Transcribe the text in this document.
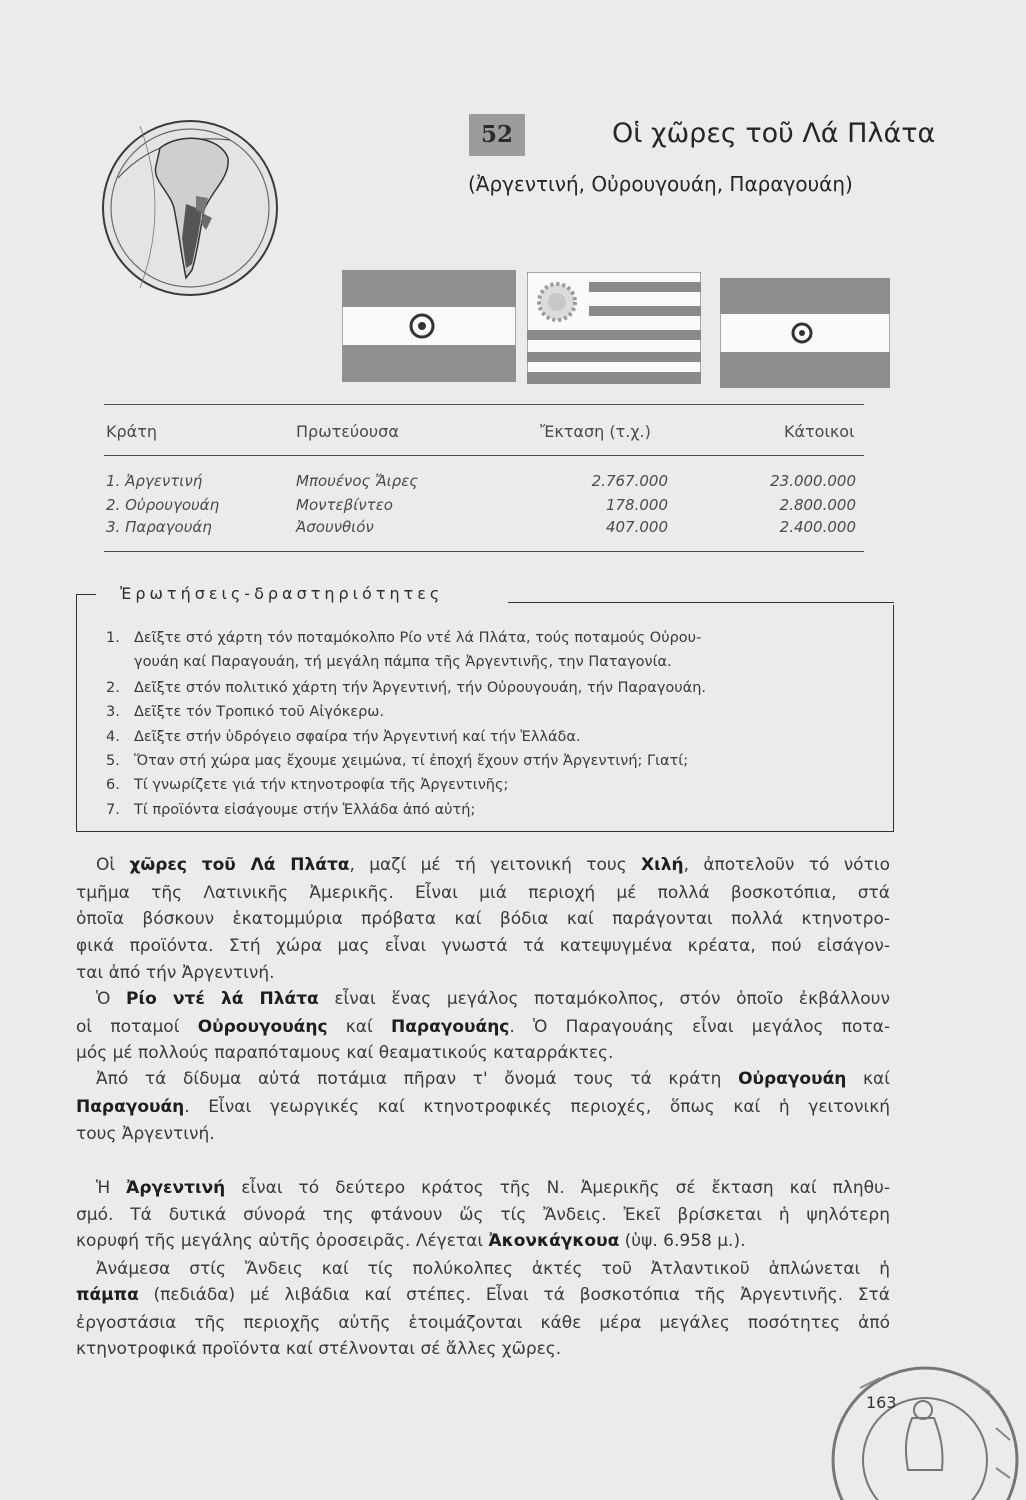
52	Οἱ χῶρες τοῦ Λά Πλάτα
(Ἀργεντινή, Οὐρουγουάη, Παραγουάη)
Κράτη	Πρωτεύουσα	Ἔκταση (τ.χ.)	Κάτοικοι
1. Ἀργεντινή	Μπουένος Ἄιρες	2.767.000	23.000.000
2. Οὐρουγουάη	Μοντεβίντεο	178.000	2.800.000
3. Παραγουάη	Ἀσουνθιόν	407.000	2.400.000
Ἐρωτήσεις-δραστηριότητες
1. Δεῖξτε στό χάρτη τόν ποταμόκολπο Ρίο ντέ λά Πλάτα, τούς ποταμούς Οὐρου-
γουάη καί Παραγουάη, τή μεγάλη πάμπα τῆς Ἀργεντινῆς, την Παταγονία.
2. Δεῖξτε στόν πολιτικό χάρτη τήν Ἀργεντινή, τήν Οὐρουγουάη, τήν Παραγουάη.
3. Δεῖξτε τόν Τροπικό τοῦ Αἰγόκερω.
4. Δεῖξτε στήν ὑδρόγειο σφαίρα τήν Ἀργεντινή καί τήν Ἑλλάδα.
5. Ὅταν στή χώρα μας ἔχουμε χειμώνα, τί ἐποχή ἔχουν στήν Ἀργεντινή; Γιατί;
6. Τί γνωρίζετε γιά τήν κτηνοτροφία τῆς Ἀργεντινῆς;
7. Τί προϊόντα εἰσάγουμε στήν Ἑλλάδα ἀπό αὐτή;
Οἱ χῶρες τοῦ Λά Πλάτα, μαζί μέ τή γειτονική τους Χιλή, ἀποτελοῦν τό νότιο
τμῆμα τῆς Λατινικῆς Ἀμερικῆς. Εἶναι μιά περιοχή μέ πολλά βοσκοτόπια, στά
ὁποῖα βόσκουν ἑκατομμύρια πρόβατα καί βόδια καί παράγονται πολλά κτηνοτρο-
φικά προϊόντα. Στή χώρα μας εἶναι γνωστά τά κατεψυγμένα κρέατα, πού εἰσάγον-
ται ἀπό τήν Ἀργεντινή.
Ὁ Ρίο ντέ λά Πλάτα εἶναι ἕνας μεγάλος ποταμόκολπος, στόν ὁποῖο ἐκβάλλουν
οἱ ποταμοί Οὐρουγουάης καί Παραγουάης. Ὁ Παραγουάης εἶναι μεγάλος ποτα-
μός μέ πολλούς παραπόταμους καί θεαματικούς καταρράκτες.
Ἀπό τά δίδυμα αὐτά ποτάμια πῆραν τ' ὄνομά τους τά κράτη Οὐραγουάη καί
Παραγουάη. Εἶναι γεωργικές καί κτηνοτροφικές περιοχές, ὅπως καί ἡ γειτονική
τους Ἀργεντινή.
Ἡ Ἀργεντινή εἶναι τό δεύτερο κράτος τῆς Ν. Ἀμερικῆς σέ ἔκταση καί πληθυ-
σμό. Τά δυτικά σύνορά της φτάνουν ὥς τίς Ἄνδεις. Ἐκεῖ βρίσκεται ἡ ψηλότερη
κορυφή τῆς μεγάλης αὐτῆς ὀροσειρᾶς. Λέγεται Ἀκονκάγκουα (ὑψ. 6.958 μ.).
Ἀνάμεσα στίς Ἄνδεις καί τίς πολύκολπες ἀκτές τοῦ Ἀτλαντικοῦ ἁπλώνεται ἡ
πάμπα (πεδιάδα) μέ λιβάδια καί στέπες. Εἶναι τά βοσκοτόπια τῆς Ἀργεντινῆς. Στά
ἐργοστάσια τῆς περιοχῆς αὐτῆς ἑτοιμάζονται κάθε μέρα μεγάλες ποσότητες ἀπό
κτηνοτροφικά προϊόντα καί στέλνονται σέ ἄλλες χῶρες.
163
